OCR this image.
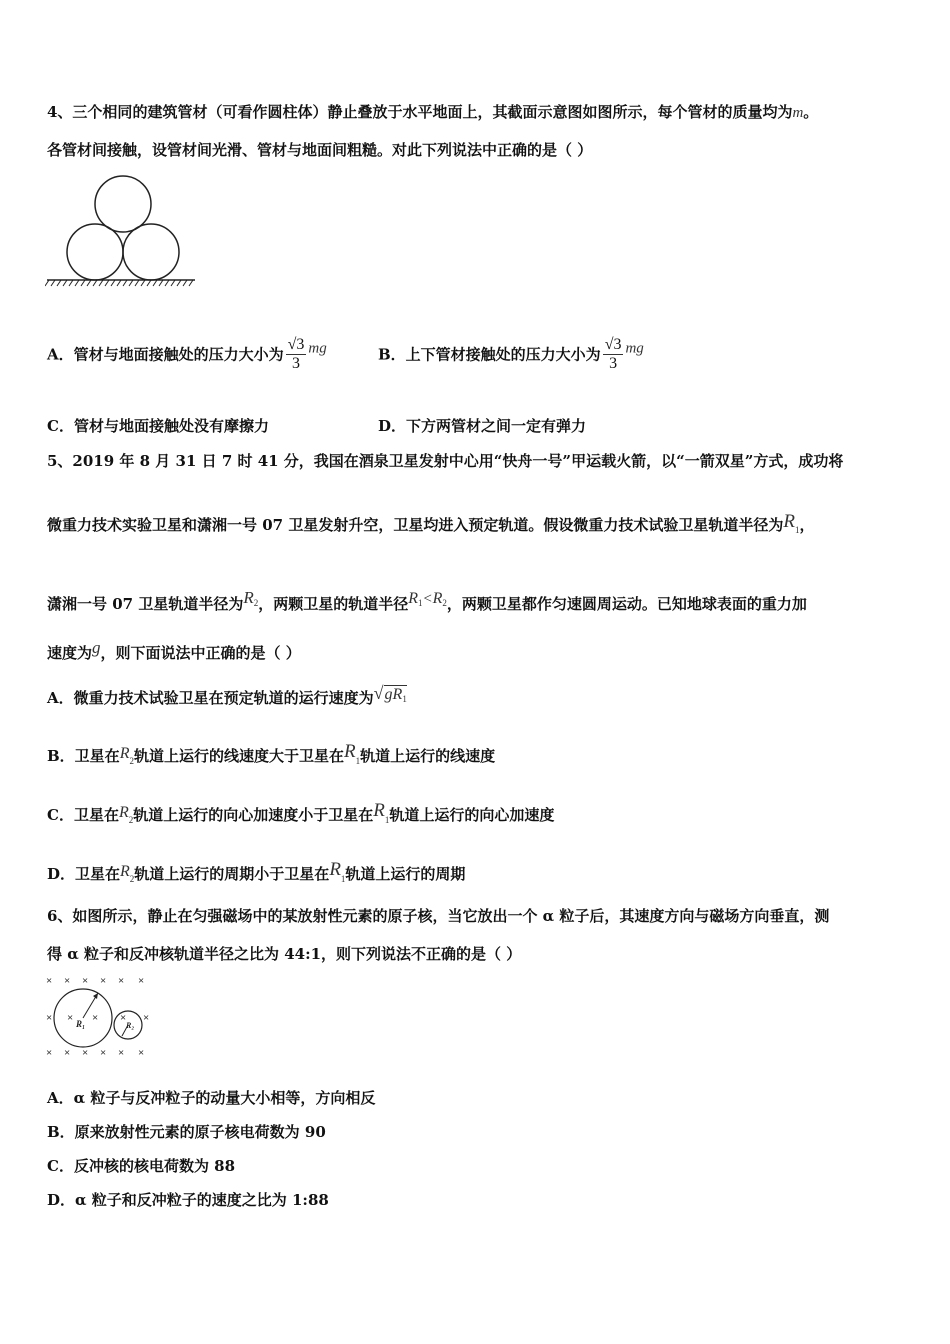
4、三个相同的建筑管材（可看作圆柱体）静止叠放于水平地面上，其截面示意图如图所示，每个管材的质量均为m。
各管材间接触，设管材间光滑、管材与地面间粗糙。对此下列说法中正确的是（ ）
A．管材与地面接触处的压力大小为 $\frac{√3}{3}$ mg	B．上下管材接触处的压力大小为 $\frac{√3}{3}$ mg
C．管材与地面接触处没有摩擦力	D．下方两管材之间一定有弹力
5、2019 年 8 月 31 日 7 时 41 分，我国在酒泉卫星发射中心用“快舟一号”甲运载火箭，以“一箭双星”方式，成功将
微重力技术实验卫星和潇湘一号 07 卫星发射升空，卫星均进入预定轨道。假设微重力技术试验卫星轨道半径为$R_1$，
潇湘一号 07 卫星轨道半径为$R^2$，两颗卫星的轨道半径$R^1<R^2$，两颗卫星都作匀速圆周运动。已知地球表面的重力加
速度为g，则下面说法中正确的是（ ）
A．微重力技术试验卫星在预定轨道的运行速度为$√gR_1$
B．卫星在$R_2$轨道上运行的线速度大于卫星在$R_1$轨道上运行的线速度
C．卫星在$R_2$轨道上运行的向心加速度小于卫星在$R_1$轨道上运行的向心加速度
D．卫星在$R_2$轨道上运行的周期小于卫星在$R_1$轨道上运行的周期
6、如图所示，静止在匀强磁场中的某放射性元素的原子核，当它放出一个 α 粒子后，其速度方向与磁场方向垂直，测
得 α 粒子和反冲核轨道半径之比为 44:1，则下列说法不正确的是（ ）
× × × × × ×
× × × × ×
× × × × × ×
R₁	R₂
A．α 粒子与反冲粒子的动量大小相等，方向相反
B．原来放射性元素的原子核电荷数为 90
C．反冲核的核电荷数为 88
D．α 粒子和反冲粒子的速度之比为 1:88
